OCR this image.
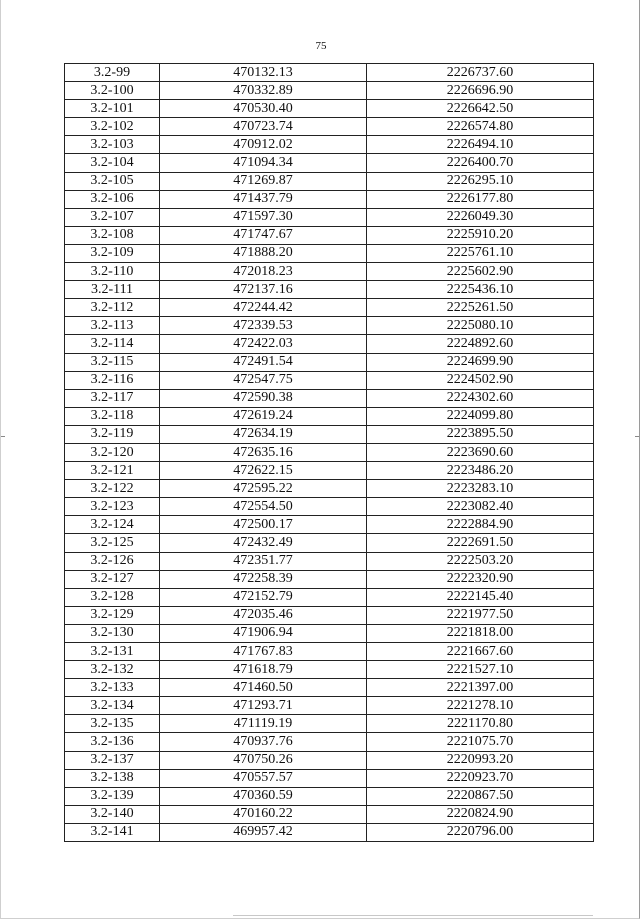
75
3.2-99	470132.13	2226737.60
3.2-100	470332.89	2226696.90
3.2-101	470530.40	2226642.50
3.2-102	470723.74	2226574.80
3.2-103	470912.02	2226494.10
3.2-104	471094.34	2226400.70
3.2-105	471269.87	2226295.10
3.2-106	471437.79	2226177.80
3.2-107	471597.30	2226049.30
3.2-108	471747.67	2225910.20
3.2-109	471888.20	2225761.10
3.2-110	472018.23	2225602.90
3.2-111	472137.16	2225436.10
3.2-112	472244.42	2225261.50
3.2-113	472339.53	2225080.10
3.2-114	472422.03	2224892.60
3.2-115	472491.54	2224699.90
3.2-116	472547.75	2224502.90
3.2-117	472590.38	2224302.60
3.2-118	472619.24	2224099.80
3.2-119	472634.19	2223895.50
3.2-120	472635.16	2223690.60
3.2-121	472622.15	2223486.20
3.2-122	472595.22	2223283.10
3.2-123	472554.50	2223082.40
3.2-124	472500.17	2222884.90
3.2-125	472432.49	2222691.50
3.2-126	472351.77	2222503.20
3.2-127	472258.39	2222320.90
3.2-128	472152.79	2222145.40
3.2-129	472035.46	2221977.50
3.2-130	471906.94	2221818.00
3.2-131	471767.83	2221667.60
3.2-132	471618.79	2221527.10
3.2-133	471460.50	2221397.00
3.2-134	471293.71	2221278.10
3.2-135	471119.19	2221170.80
3.2-136	470937.76	2221075.70
3.2-137	470750.26	2220993.20
3.2-138	470557.57	2220923.70
3.2-139	470360.59	2220867.50
3.2-140	470160.22	2220824.90
3.2-141	469957.42	2220796.00
